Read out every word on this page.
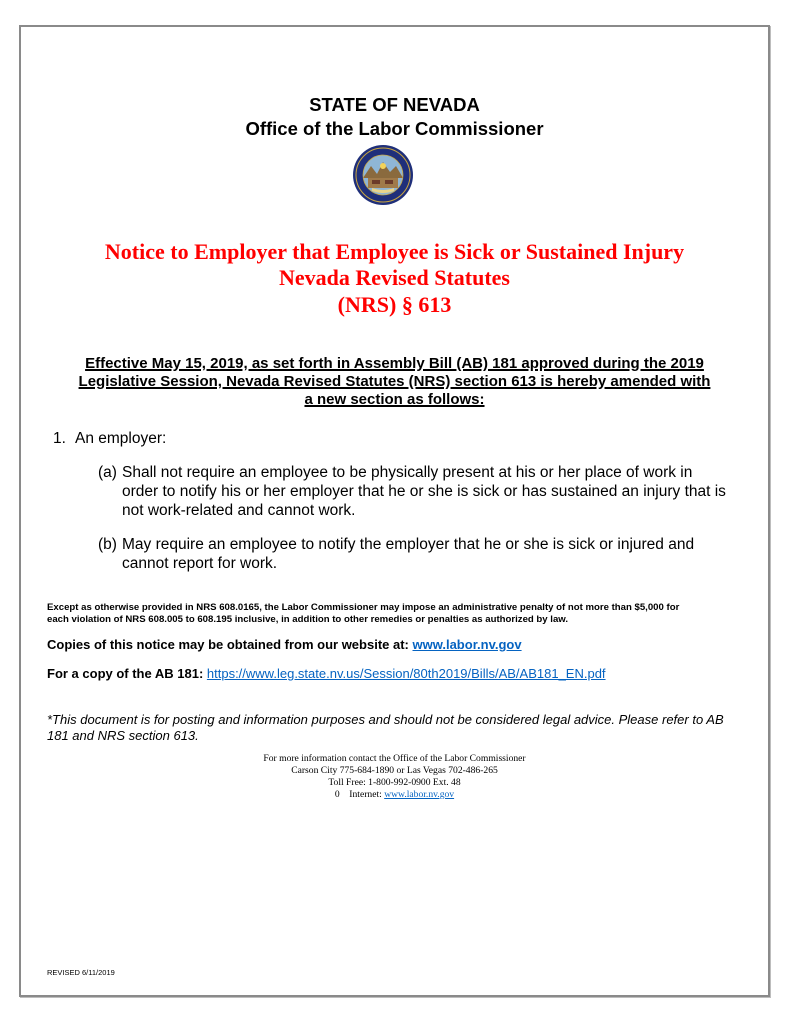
STATE OF NEVADA
Office of the Labor Commissioner
Notice to Employer that Employee is Sick or Sustained Injury
Nevada Revised Statutes
(NRS) § 613
Effective May 15, 2019, as set forth in Assembly Bill (AB) 181 approved during the 2019
Legislative Session, Nevada Revised Statutes (NRS) section 613 is hereby amended with
a new section as follows:
1. An employer:
(a) Shall not require an employee to be physically present at his or her place of work in
order to notify his or her employer that he or she is sick or has sustained an injury that is
not work-related and cannot work.
(b) May require an employee to notify the employer that he or she is sick or injured and
cannot report for work.
Except as otherwise provided in NRS 608.0165, the Labor Commissioner may impose an administrative penalty of not more than $5,000 for
each violation of NRS 608.005 to 608.195 inclusive, in addition to other remedies or penalties as authorized by law.
Copies of this notice may be obtained from our website at: www.labor.nv.gov
For a copy of the AB 181: https://www.leg.state.nv.us/Session/80th2019/Bills/AB/AB181_EN.pdf
*This document is for posting and information purposes and should not be considered legal advice. Please refer to AB
181 and NRS section 613.
For more information contact the Office of the Labor Commissioner
Carson City 775-684-1890 or Las Vegas 702-486-265
Toll Free: 1-800-992-0900 Ext. 48
0    Internet: www.labor.nv.gov
REVISED 6/11/2019
